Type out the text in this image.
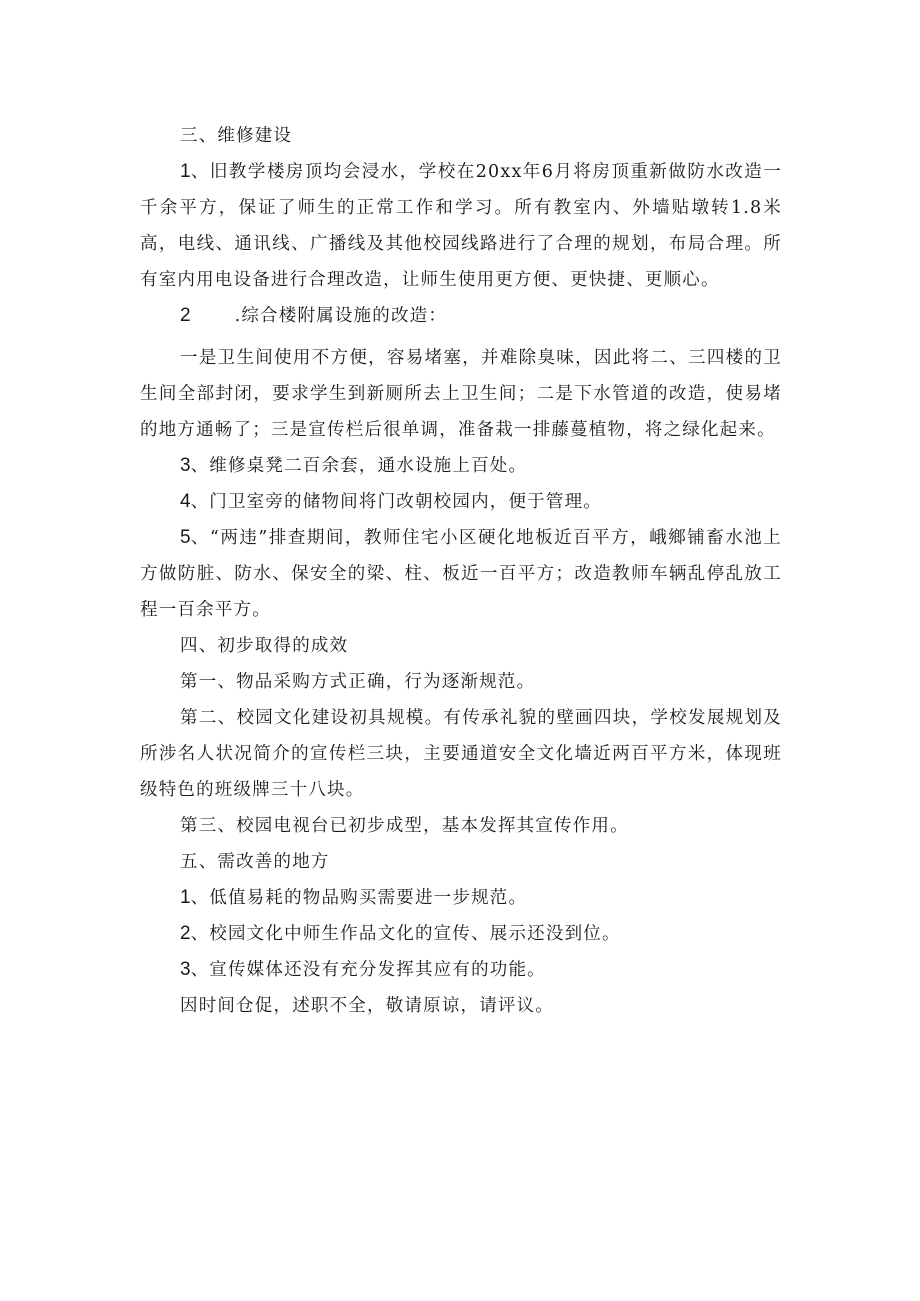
三、维修建设

1、旧教学楼房顶均会浸水，学校在20xx年6月将房顶重新做防水改造一千余平方，保证了师生的正常工作和学习。所有教室内、外墙贴墩转1.8米高，电线、通讯线、广播线及其他校园线路进行了合理的规划，布局合理。所有室内用电设备进行合理改造，让师生使用更方便、更快捷、更顺心。

2	.综合楼附属设施的改造：

一是卫生间使用不方便，容易堵塞，并难除臭味，因此将二、三四楼的卫生间全部封闭，要求学生到新厕所去上卫生间；二是下水管道的改造，使易堵的地方通畅了；三是宣传栏后很单调，准备栽一排藤蔓植物，将之绿化起来。

3、维修桌凳二百余套，通水设施上百处。

4、门卫室旁的储物间将门改朝校园内，便于管理。

5、“两违”排查期间，教师住宅小区硬化地板近百平方，峨鄉铺畜水池上方做防脏、防水、保安全的梁、柱、板近一百平方；改造教师车辆乱停乱放工程一百余平方。

四、初步取得的成效

第一、物品采购方式正确，行为逐渐规范。

第二、校园文化建设初具规模。有传承礼貌的壁画四块，学校发展规划及所涉名人状况简介的宣传栏三块，主要通道安全文化墙近两百平方米，体现班级特色的班级牌三十八块。

第三、校园电视台已初步成型，基本发挥其宣传作用。

五、需改善的地方

1、低值易耗的物品购买需要进一步规范。

2、校园文化中师生作品文化的宣传、展示还没到位。

3、宣传媒体还没有充分发挥其应有的功能。

因时间仓促，述职不全，敬请原谅，请评议。
